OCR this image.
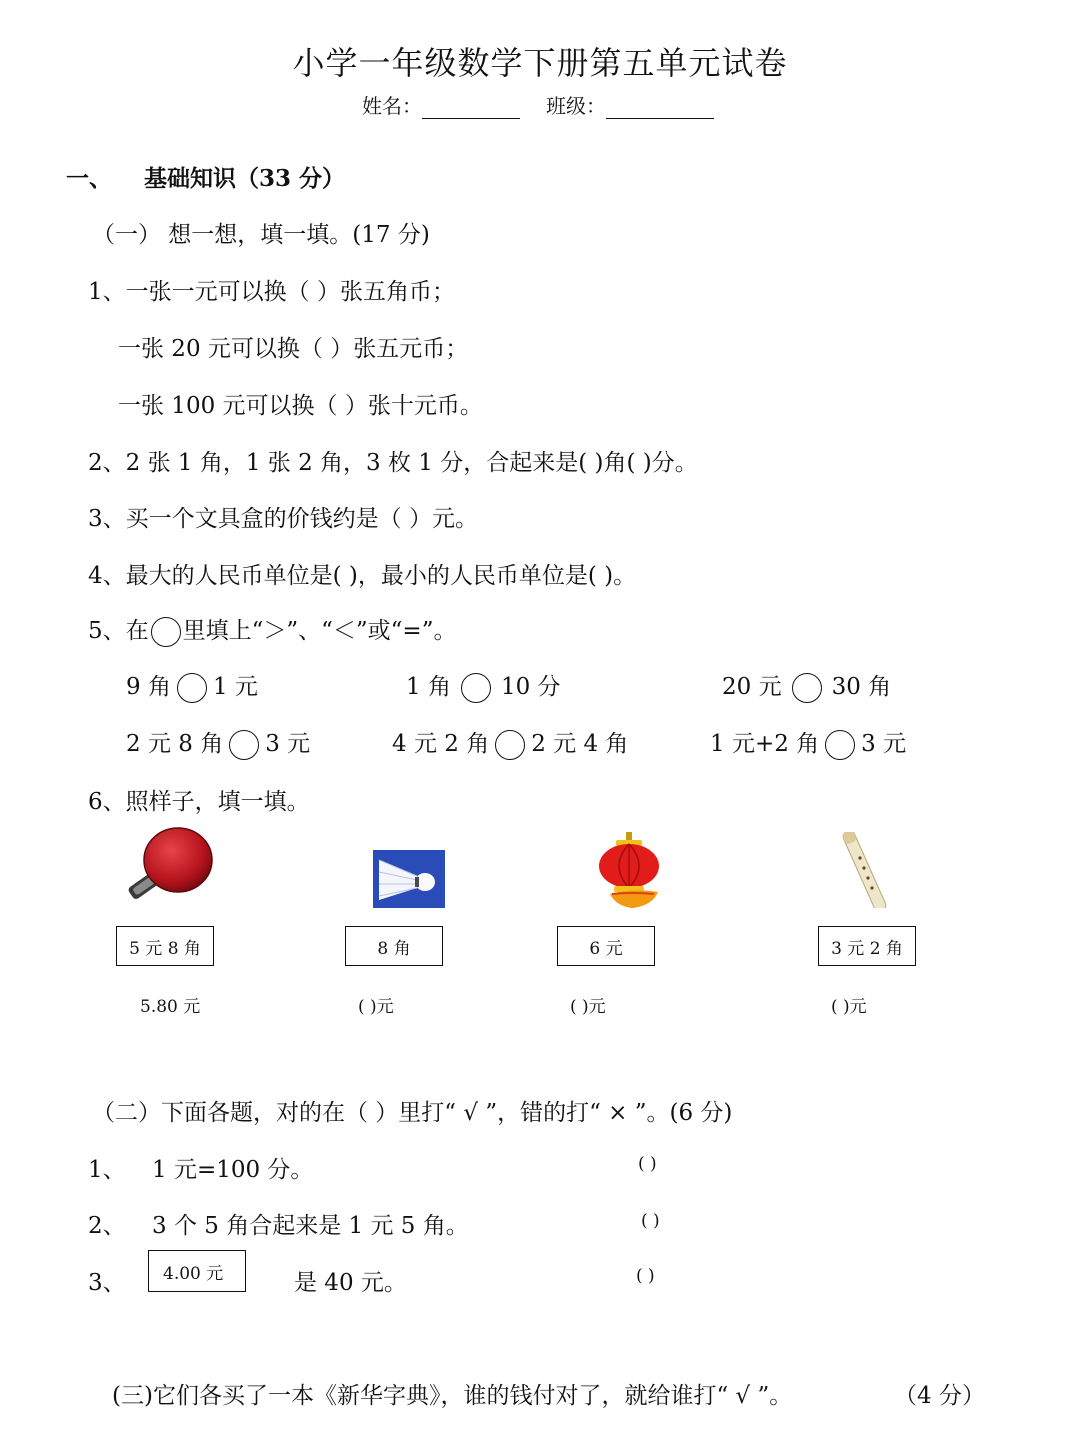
小学一年级数学下册第五单元试卷
姓名：	班级：
一、 基础知识（33 分）
（一） 想一想，填一填。(17 分)
1、一张一元可以换（ ）张五角币；
一张 20 元可以换（ ）张五元币；
一张 100 元可以换（ ）张十元币。
2、2 张 1 角，1 张 2 角，3 枚 1 分，合起来是( )角( )分。
3、买一个文具盒的价钱约是（ ）元。
4、最大的人民币单位是( )，最小的人民币单位是( )。
5、在 里填上“＞”、“＜”或“=”。
9 角 1 元	1 角 10 分	20 元 30 角
2 元 8 角 3 元	4 元 2 角 2 元 4 角	1 元+2 角 3 元
6、照样子，填一填。
5 元 8 角	8 角	6 元	3 元 2 角
5.80 元	( )元	( )元	( )元
（二）下面各题，对的在（ ）里打“ √ ”，错的打“ × ”。(6 分)
1、 1 元=100 分。	( )
2、 3 个 5 角合起来是 1 元 5 角。	( )
3、	4.00 元	是 40 元。	( )
(三)它们各买了一本《新华字典》，谁的钱付对了，就给谁打“ √ ”。	（4 分）
